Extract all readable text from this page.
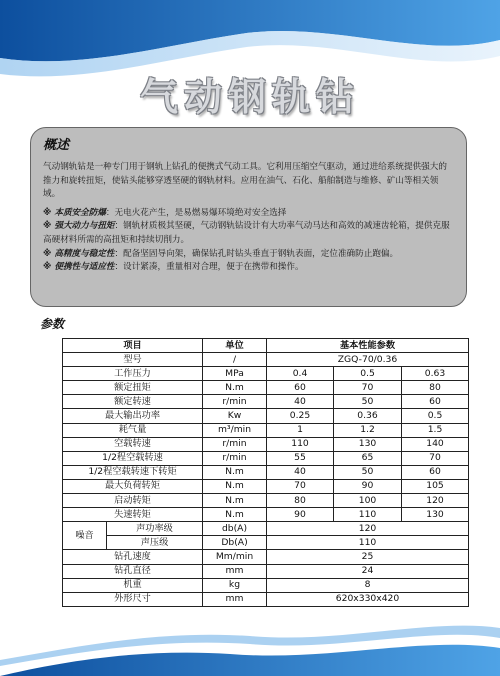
气动钢轨钻
概述

气动钢轨钻是一种专门用于钢轨上钻孔的便携式气动工具。它利用压缩空气驱动，通过进给系统提供强大的推力和旋转扭矩，使钻头能够穿透坚硬的钢轨材料。应用在油气、石化、船舶制造与维修、矿山等相关领域。

※ 本质安全防爆：无电火花产生，是易燃易爆环境绝对安全选择

※ 强大动力与扭矩：钢轨材质极其坚硬，气动钢轨钻设计有大功率气动马达和高效的减速齿轮箱，提供克服高硬材料所需的高扭矩和持续切削力。

※ 高精度与稳定性：配备坚固导向架，确保钻孔时钻头垂直于钢轨表面，定位准确防止跑偏。

※ 便携性与适应性：设计紧凑，重量相对合理，便于在携带和操作。

参数
项目		单位	基本性能参数		
型号		/	ZGQ-70/0.36		
工作压力		MPa	0.4	0.5	0.63
额定扭矩		N.m	60	70	80
额定转速		r/min	40	50	60
最大输出功率		Kw	0.25	0.36	0.5
耗气量		m³/min	1	1.2	1.5
空载转速		r/min	110	130	140
1/2程空载转速		r/min	55	65	70
1/2程空载转速下转矩		N.m	40	50	60
最大负荷转矩		N.m	70	90	105
启动转矩		N.m	80	100	120
失速转矩		N.m	90	110	130
噪音	声功率级	db(A)	120		
	声压级	Db(A)	110		
钻孔速度		Mm/min	25		
钻孔直径		mm	24		
机重		kg	8		
外形尺寸		mm	620x330x420		
